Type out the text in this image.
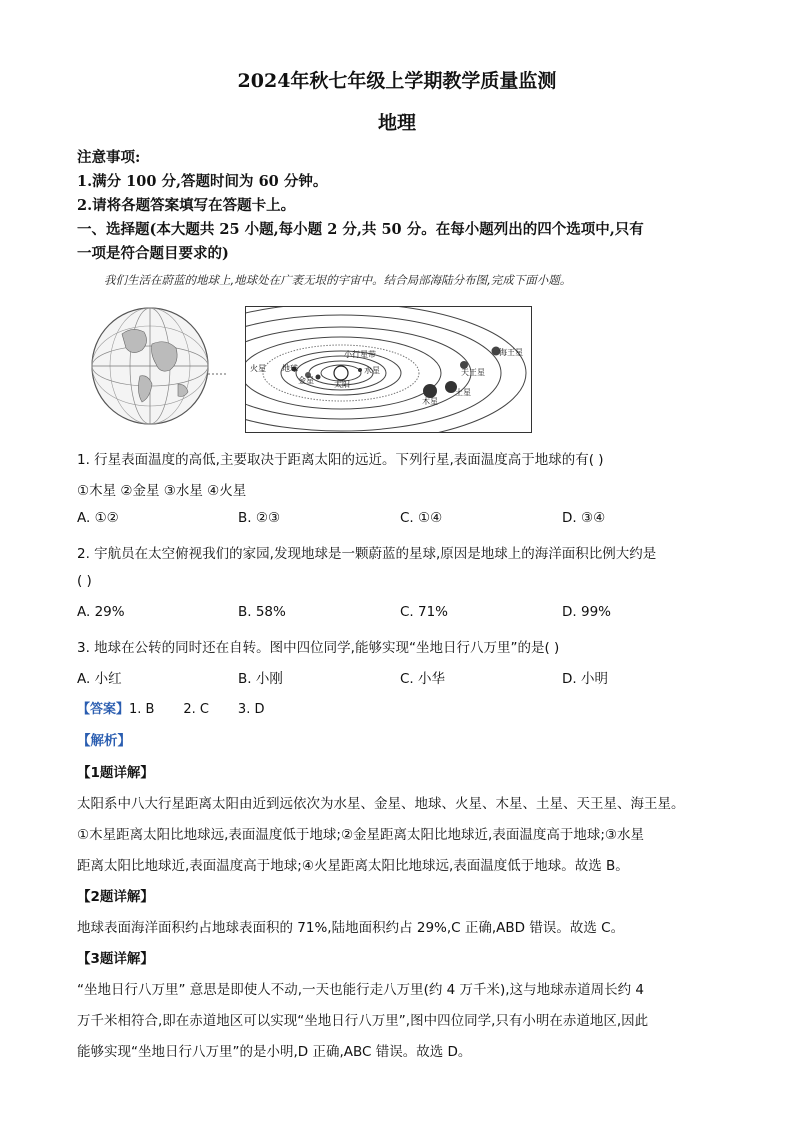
2024年秋七年级上学期教学质量监测
地理
注意事项:
1.满分 100 分,答题时间为 60 分钟。
2.请将各题答案填写在答题卡上。
一、选择题(本大题共 25 小题,每小题 2 分,共 50 分。在每小题列出的四个选项中,只有
一项是符合题目要求的)
我们生活在蔚蓝的地球上,地球处在广袤无垠的宇宙中。结合局部海陆分布图,完成下面小题。
小行星带	海王星
天王星
土星
木星
火星 地球
金星
水星
太阳
1. 行星表面温度的高低,主要取决于距离太阳的远近。下列行星,表面温度高于地球的有( )
①木星 ②金星 ③水星 ④火星
A. ①②	B. ②③	C. ①④	D. ③④
2. 宇航员在太空俯视我们的家园,发现地球是一颗蔚蓝的星球,原因是地球上的海洋面积比例大约是
( )
A. 29%	B. 58%	C. 71%	D. 99%
3. 地球在公转的同时还在自转。图中四位同学,能够实现“坐地日行八万里”的是( )
A. 小红	B. 小刚	C. 小华	D. 小明
【答案】1. B       2. C       3. D
【解析】
【1题详解】
太阳系中八大行星距离太阳由近到远依次为水星、金星、地球、火星、木星、土星、天王星、海王星。
①木星距离太阳比地球远,表面温度低于地球;②金星距离太阳比地球近,表面温度高于地球;③水星
距离太阳比地球近,表面温度高于地球;④火星距离太阳比地球远,表面温度低于地球。故选 B。
【2题详解】
地球表面海洋面积约占地球表面积的 71%,陆地面积约占 29%,C 正确,ABD 错误。故选 C。
【3题详解】
“坐地日行八万里” 意思是即使人不动,一天也能行走八万里(约 4 万千米),这与地球赤道周长约 4
万千米相符合,即在赤道地区可以实现“坐地日行八万里”,图中四位同学,只有小明在赤道地区,因此
能够实现“坐地日行八万里”的是小明,D 正确,ABC 错误。故选 D。
